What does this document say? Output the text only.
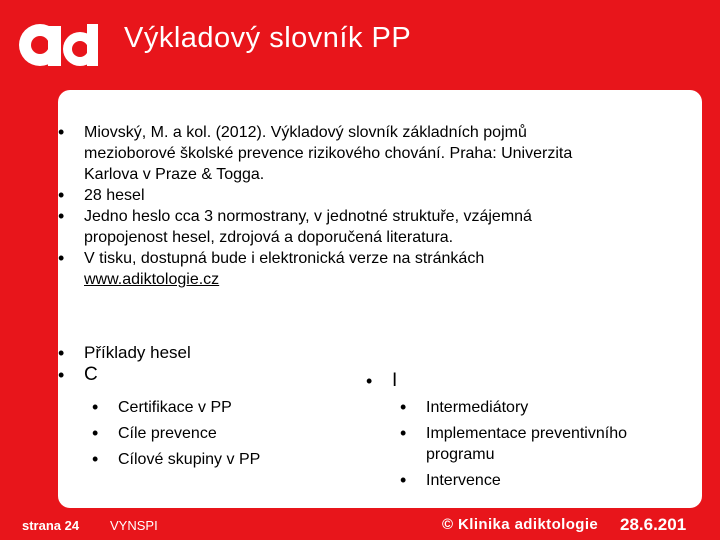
Výkladový slovník PP
• Miovský, M. a kol. (2012). Výkladový slovník základních pojmů
mezioborové školské prevence rizikového chování. Praha: Univerzita
Karlova v Praze & Togga.
• 28 hesel
• Jedno heslo cca 3 normostrany, v jednotné struktuře, vzájemná
propojenost hesel, zdrojová a doporučená literatura.
• V tisku, dostupná bude i elektronická verze na stránkách
www.adiktologie.cz
• Příklady hesel
• C
• Certifikace v PP
• Cíle prevence
• Cílové skupiny v PP
• I
• Intermediátory
• Implementace preventivního
programu
• Intervence
strana 24 VYNSPI	© Klinika adiktologie 28.6.201
